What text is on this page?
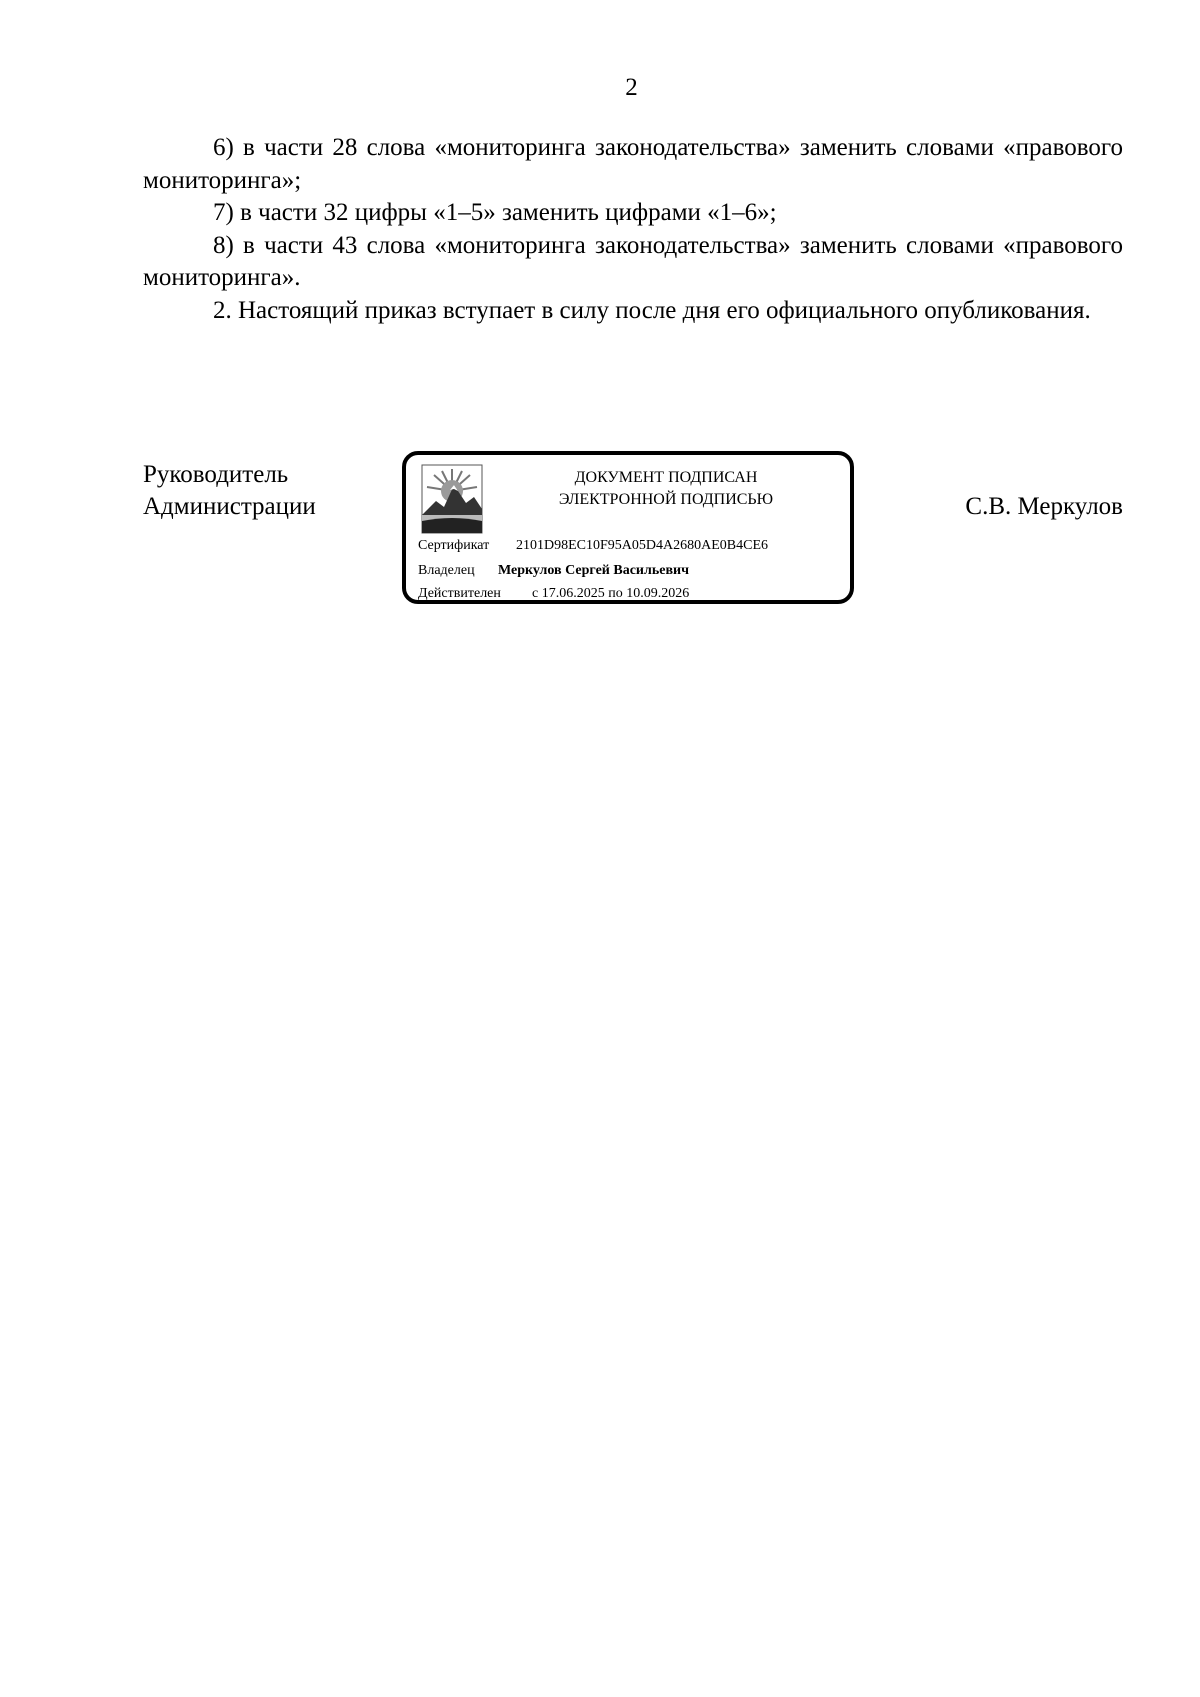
2

6) в части 28 слова «мониторинга законодательства» заменить словами «правового мониторинга»;

7) в части 32 цифры «1–5» заменить цифрами «1–6»;

8) в части 43 слова «мониторинга законодательства» заменить словами «правового мониторинга».

2. Настоящий приказ вступает в силу после дня его официального опубликования.

Руководитель
Администрации
ДОКУМЕНТ ПОДПИСАН
ЭЛЕКТРОННОЙ ПОДПИСЬЮ
Сертификат 2101D98EC10F95A05D4A2680AE0B4CE6
Владелец Меркулов Сергей Васильевич
Действителен с 17.06.2025 по 10.09.2026
С.В. Меркулов
